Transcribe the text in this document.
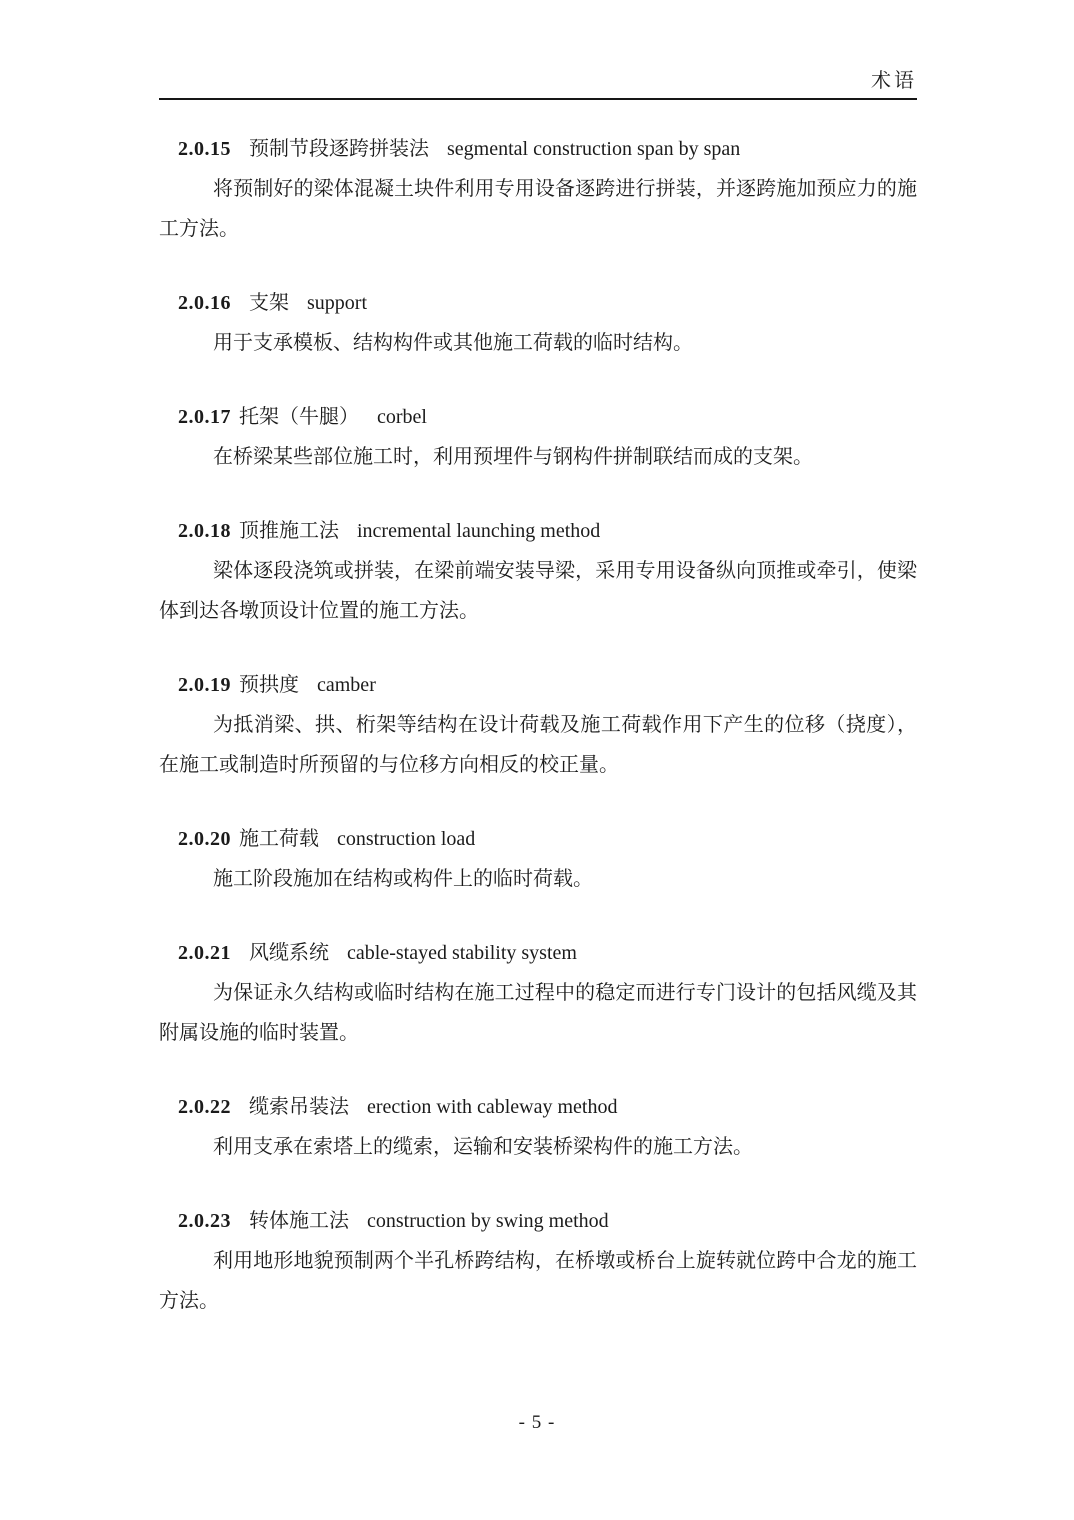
术语
2.0.15 预制节段逐跨拼装法 segmental construction span by span

将预制好的梁体混凝土块件利用专用设备逐跨进行拼装，并逐跨施加预应力的施工方法。

2.0.16 支架 support

用于支承模板、结构构件或其他施工荷载的临时结构。

2.0.17 托架（牛腿） corbel

在桥梁某些部位施工时，利用预埋件与钢构件拼制联结而成的支架。

2.0.18 顶推施工法 incremental launching method

梁体逐段浇筑或拼装，在梁前端安装导梁，采用专用设备纵向顶推或牵引，使梁体到达各墩顶设计位置的施工方法。

2.0.19 预拱度 camber

为抵消梁、拱、桁架等结构在设计荷载及施工荷载作用下产生的位移（挠度），在施工或制造时所预留的与位移方向相反的校正量。

2.0.20 施工荷载 construction load

施工阶段施加在结构或构件上的临时荷载。

2.0.21 风缆系统 cable-stayed stability system

为保证永久结构或临时结构在施工过程中的稳定而进行专门设计的包括风缆及其附属设施的临时装置。

2.0.22 缆索吊装法 erection with cableway method

利用支承在索塔上的缆索，运输和安装桥梁构件的施工方法。

2.0.23 转体施工法 construction by swing method

利用地形地貌预制两个半孔桥跨结构，在桥墩或桥台上旋转就位跨中合龙的施工方法。

- 5 -
